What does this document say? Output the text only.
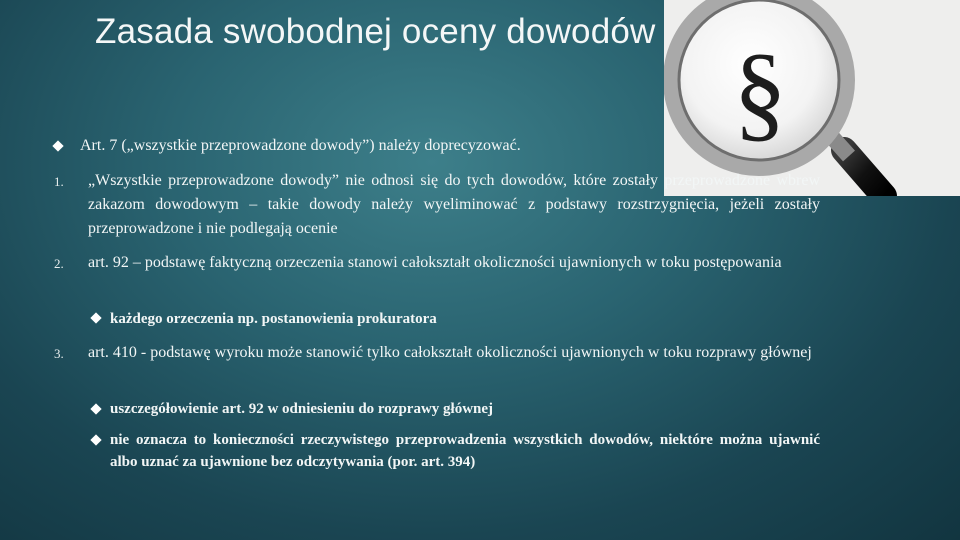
Zasada swobodnej oceny dowodów
§
Art. 7 („wszystkie przeprowadzone dowody”) należy doprecyzować.
1. „Wszystkie przeprowadzone dowody” nie odnosi się do tych dowodów, które zostały przeprowadzone wbrew zakazom dowodowym – takie dowody należy wyeliminować z podstawy rozstrzygnięcia, jeżeli zostały przeprowadzone i nie podlegają ocenie
2. art. 92 – podstawę faktyczną orzeczenia stanowi całokształt okoliczności ujawnionych w toku postępowania
każdego orzeczenia np. postanowienia prokuratora
3. art. 410 - podstawę wyroku może stanowić tylko całokształt okoliczności ujawnionych w toku rozprawy głównej
uszczegółowienie art. 92 w odniesieniu do rozprawy głównej
nie oznacza to konieczności rzeczywistego przeprowadzenia wszystkich dowodów, niektóre można ujawnić albo uznać za ujawnione bez odczytywania (por. art. 394)
